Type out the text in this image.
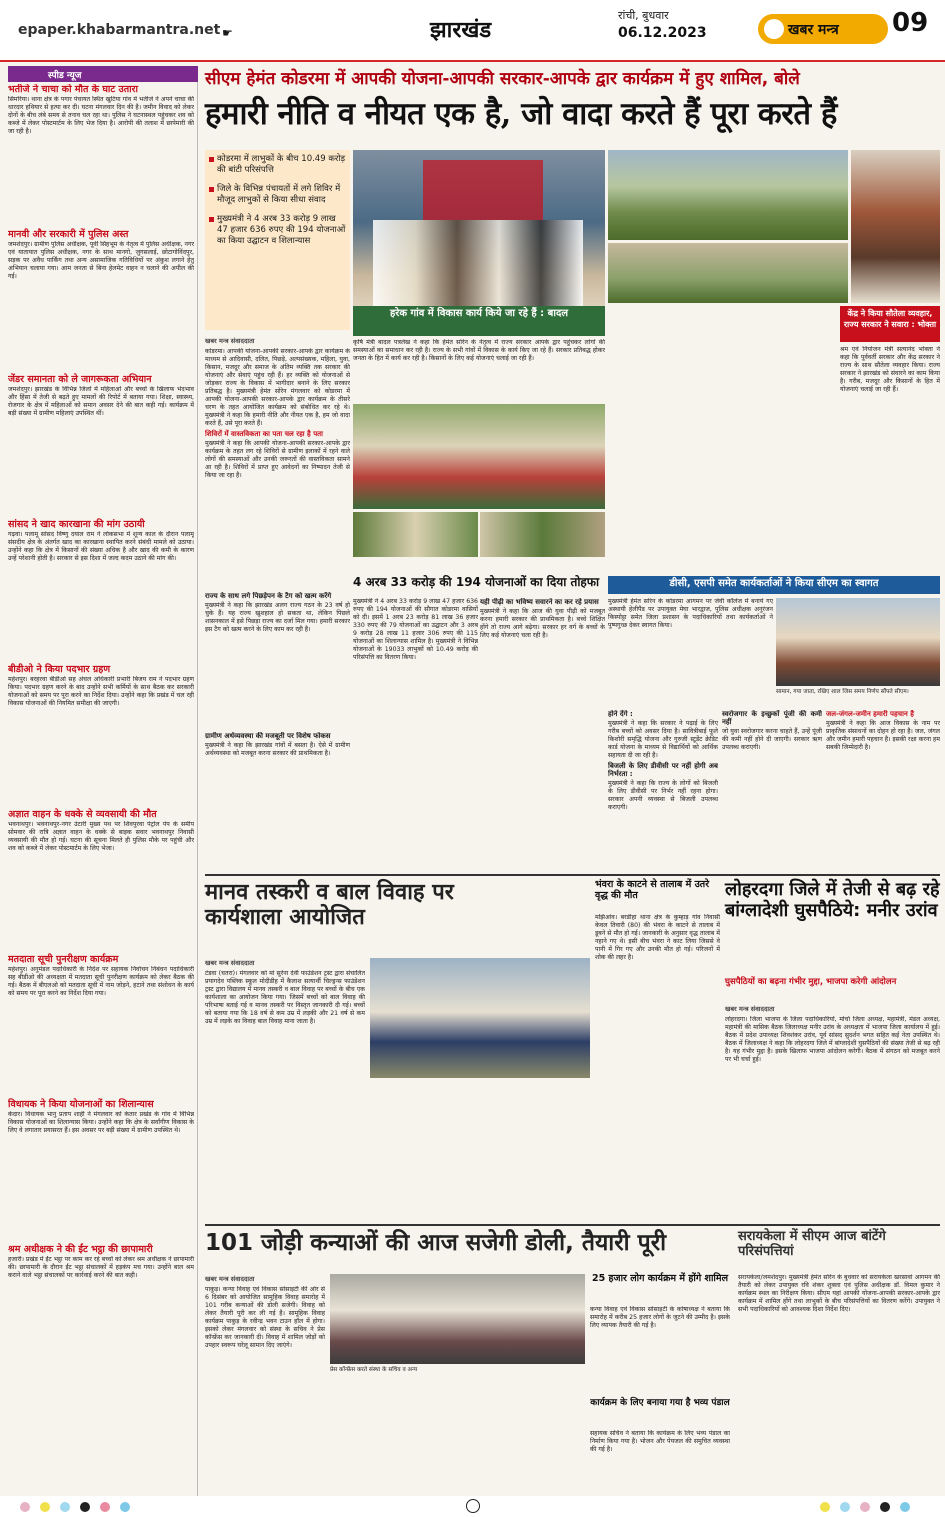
epaper.khabarmantra.net ☛	झारखंड
रांची, बुधवार
06.12.2023	खबर मन्त्र 09
स्पीड न्यूज
भतीजे ने चाचा को मौत के घाट उतारा
सिमरिया। थाना क्षेत्र के पगार पंचायत स्थित खुटिया गांव में भतीजे ने अपने चाचा की धारदार हथियार से हत्या कर दी। घटना मंगलवार दिन की है। जमीन विवाद को लेकर दोनों के बीच लंबे समय से तनाव चल रहा था। पुलिस ने घटनास्थल पहुंचकर शव को कब्जे में लेकर पोस्टमार्टम के लिए भेज दिया है। आरोपी की तलाश में छापेमारी की जा रही है।
मानवी और सरकारी में पुलिस अस्त
जमशेदपुर। ग्रामीण पुलिस अधीक्षक, पूर्वी सिंहभूम के नेतृत्व में पुलिस अधीक्षक, नगर एवं यातायात पुलिस अधीक्षक, नगर के साथ मानगो, जुगसलाई, छोटागोविंदपुर, सड़क पर अवैध पार्किंग तथा अन्य असामाजिक गतिविधियों पर अंकुश लगाने हेतु अभियान चलाया गया। आम जनता से बिना हेलमेट वाहन न चलाने की अपील की गई।
जेंडर समानता को ले जागरूकता अभियान
जमशेदपुर। झारखंड के विभिन्न जिलों में महिलाओं और बच्चों के खिलाफ भेदभाव और हिंसा में तेजी से बढ़ते हुए मामलों की रिपोर्ट में बताया गया। शिक्षा, स्वास्थ्य, रोजगार के क्षेत्र में महिलाओं को समान अवसर देने की बात कही गई। कार्यक्रम में बड़ी संख्या में ग्रामीण महिलाएं उपस्थित थीं।
सांसद ने खाद कारखाना की मांग उठायी
गढ़वा। पलामू सांसद विष्णु दयाल राम ने लोकसभा में शून्य काल के दौरान पलामू संसदीय क्षेत्र के अंतर्गत खाद का कारखाना स्थापित करने संबंधी मामले को उठाया। उन्होंने कहा कि क्षेत्र में किसानों की संख्या अधिक है और खाद की कमी के कारण उन्हें परेशानी होती है। सरकार से इस दिशा में जल्द कदम उठाने की मांग की।
बीडीओ ने किया पदभार ग्रहण
महेशपुर। बरहरवा बीडीओ सह अंचल अधिकारी प्रभारी बिजय राम ने पदभार ग्रहण किया। पदभार ग्रहण करने के बाद उन्होंने सभी कर्मियों के साथ बैठक कर सरकारी योजनाओं को समय पर पूरा करने का निर्देश दिया। उन्होंने कहा कि प्रखंड में चल रही विकास योजनाओं की नियमित समीक्षा की जाएगी।
अज्ञात वाहन के धक्के से व्यवसायी की मौत
भवनाथपुर। भवनाथपुर-नगर उंटारी मुख्य पथ पर शिवपुरवा पेट्रोल पंप के समीप सोमवार की रात्रि अज्ञात वाहन के धक्के से बाइक सवार भवनाथपुर निवासी व्यवसायी की मौत हो गई। घटना की सूचना मिलते ही पुलिस मौके पर पहुंची और शव को कब्जे में लेकर पोस्टमार्टम के लिए भेजा।
मतदाता सूची पुनरीक्षण कार्यक्रम
महेशपुर। अनुमंडल पदाधिकारी के निर्देश पर सहायक निर्वाचन निबंधन पदाधिकारी सह बीडीओ की अध्यक्षता में मतदाता सूची पुनरीक्षण कार्यक्रम को लेकर बैठक की गई। बैठक में बीएलओ को मतदाता सूची में नाम जोड़ने, हटाने तथा संशोधन के कार्य को समय पर पूरा करने का निर्देश दिया गया।
विधायक ने किया योजनाओं का शिलान्यास
केदार। विधायक भानु प्रताप शाही ने मंगलवार को केतार प्रखंड के गांव में विभिन्न विकास योजनाओं का शिलान्यास किया। उन्होंने कहा कि क्षेत्र के सर्वांगीण विकास के लिए वे लगातार प्रयासरत हैं। इस अवसर पर बड़ी संख्या में ग्रामीण उपस्थित थे।
श्रम अधीक्षक ने की ईंट भट्ठा की छापामारी
हजारी। प्रखंड में ईंट भट्ठा पर काम कर रहे बच्चों को लेकर श्रम अधीक्षक ने छापामारी की। छापामारी के दौरान ईंट भट्ठा संचालकों में हड़कंप मच गया। उन्होंने बाल श्रम कराने वाले भट्ठा संचालकों पर कार्रवाई करने की बात कही।
सीएम हेमंत कोडरमा में आपकी योजना-आपकी सरकार-आपके द्वार कार्यक्रम में हुए शामिल, बोले
हमारी नीति व नीयत एक है, जो वादा करते हैं पूरा करते हैं
कोडरमा में लाभुकों के बीच 10.49 करोड़ की बांटी परिसंपत्ति
जिले के विभिन्न पंचायतों में लगे शिविर में मौजूद लाभुकों से किया सीधा संवाद
मुख्यमंत्री ने 4 अरब 33 करोड़ 9 लाख 47 हजार 636 रुपए की 194 योजनाओं का किया उद्घाटन व शिलान्यास
खबर मन्त्र संवाददाता

कोडरमा। आपकी योजना-आपकी सरकार-आपके द्वार कार्यक्रम के माध्यम से आदिवासी, दलित, पिछड़े, अल्पसंख्यक, महिला, युवा, किसान, मजदूर और समाज के अंतिम व्यक्ति तक सरकार की योजनाएं और सेवाएं पहुंच रही हैं। हर व्यक्ति को योजनाओं से जोड़कर राज्य के विकास में भागीदार बनाने के लिए सरकार प्रतिबद्ध है। मुख्यमंत्री हेमंत सोरेन मंगलवार को कोडरमा में आपकी योजना-आपकी सरकार-आपके द्वार कार्यक्रम के तीसरे चरण के तहत आयोजित कार्यक्रम को संबोधित कर रहे थे। मुख्यमंत्री ने कहा कि हमारी नीति और नीयत एक है, हम जो वादा करते हैं, उसे पूरा करते हैं।

शिविरों में वास्तविकता का पता चल रहा है पता

मुख्यमंत्री ने कहा कि आपकी योजना-आपकी सरकार-आपके द्वार कार्यक्रम के तहत लग रहे शिविरों से ग्रामीण इलाकों में रहने वाले लोगों की समस्याओं और उनकी जरूरतों की वास्तविकता सामने आ रही है। शिविरों में प्राप्त हुए आवेदनों का निष्पादन तेजी से किया जा रहा है।

राज्य के साथ लगे पिछड़ेपन के टैग को खत्म करेंगे

मुख्यमंत्री ने कहा कि झारखंड अलग राज्य गठन के 23 वर्ष हो चुके हैं। यह राज्य खुशहाल हो सकता था, लेकिन पिछले शासनकाल में इसे पिछड़ा राज्य का दर्जा मिल गया। हमारी सरकार इस टैग को खत्म करने के लिए काम कर रही है।

हरेक गांव में विकास कार्य किये जा रहे हैं : बादल
कृषि मंत्री बादल पत्रलेख ने कहा कि हेमंत सोरेन के नेतृत्व में राज्य सरकार आपके द्वार पहुंचकर लोगों की समस्याओं का समाधान कर रही है। राज्य के सभी गांवों में विकास के कार्य किए जा रहे हैं। सरकार प्रतिबद्ध होकर जनता के हित में कार्य कर रही है। किसानों के लिए कई योजनाएं चलाई जा रही हैं।
केंद्र ने किया सौतेला व्यवहार, राज्य सरकार ने सवारा : भोक्ता
श्रम एवं नियोजन मंत्री सत्यानंद भोक्ता ने कहा कि पूर्ववर्ती सरकार और केंद्र सरकार ने राज्य के साथ सौतेला व्यवहार किया। राज्य सरकार ने झारखंड को संवारने का काम किया है। गरीब, मजदूर और किसानों के हित में योजनाएं चलाई जा रही हैं।
4 अरब 33 करोड़ की 194 योजनाओं का दिया तोहफा

मुख्यमंत्री ने 4 अरब 33 करोड़ 9 लाख 47 हजार 636 रुपए की 194 योजनाओं की सौगात कोडरमा वासियों को दी। इसमें 1 अरब 23 करोड़ 81 लाख 36 हजार 330 रुपए की 79 योजनाओं का उद्घाटन और 3 अरब 9 करोड़ 28 लाख 11 हजार 306 रुपए की 115 योजनाओं का शिलान्यास शामिल है। मुख्यमंत्री ने विभिन्न योजनाओं के 19033 लाभुकों को 10.49 करोड़ की परिसंपत्ति का वितरण किया।

यही पीढ़ी का भविष्य सवारने का कर रहे प्रयास

मुख्यमंत्री ने कहा कि आज की युवा पीढ़ी को मजबूत करना हमारी सरकार की प्राथमिकता है। बच्चे शिक्षित होंगे तो राज्य आगे बढ़ेगा। सरकार हर वर्ग के बच्चों के लिए कई योजनाएं चला रही है।

डीसी, एसपी समेत कार्यकर्ताओं ने किया सीएम का स्वागत
मुख्यमंत्री हेमंत सोरेन के कोडरमा आगमन पर जेवी कॉलेज में बनाये गए अस्थायी हेलीपैड पर उपायुक्त मेघा भारद्वाज, पुलिस अधीक्षक अनुरंजन किस्पोट्टा समेत जिला प्रशासन के पदाधिकारियों तथा कार्यकर्ताओं ने पुष्पगुच्छ देकर स्वागत किया।
सामान, गया जाता, रखिए शाल जिस समय निर्णय सौंपते सीएम।

होने देंगे :

मुख्यमंत्री ने कहा कि सरकार ने पढ़ाई के लिए गरीब बच्चों को अवसर दिया है। सावित्रीबाई फूले किशोरी समृद्धि योजना और गुरुजी स्टूडेंट क्रेडिट कार्ड योजना के माध्यम से विद्यार्थियों को आर्थिक सहायता दी जा रही है।

बिजली के लिए डीवीसी पर नहीं होगी अब निर्भरता :

मुख्यमंत्री ने कहा कि राज्य के लोगों को बिजली के लिए डीवीसी पर निर्भर नहीं रहना होगा। सरकार अपनी व्यवस्था से बिजली उपलब्ध कराएगी।

स्वरोजगार के इच्छुकों पूंजी की कमी नहीं

जो युवा स्वरोजगार करना चाहते हैं, उन्हें पूंजी की कमी नहीं होने दी जाएगी। सरकार ऋण उपलब्ध कराएगी।

जल-जंगल-जमीन हमारी पहचान है

मुख्यमंत्री ने कहा कि आज विकास के नाम पर प्राकृतिक संसाधनों का दोहन हो रहा है। जल, जंगल और जमीन हमारी पहचान है। इसकी रक्षा करना हम सबकी जिम्मेदारी है।

ग्रामीण अर्थव्यवस्था की मजबूती पर विशेष फोकस

मुख्यमंत्री ने कहा कि झारखंड गांवों में बसता है। ऐसे में ग्रामीण अर्थव्यवस्था को मजबूत करना सरकार की प्राथमिकता है।

मानव तस्करी व बाल विवाह पर कार्यशाला आयोजित
खबर मन्त्र संवाददाता
टंडवा (चतरा)। मंगलवार को मां सुरेना देवी फाउंडेशन ट्रस्ट द्वारा संचालित प्रयागदेव पब्लिक स्कूल मोदीडीह में कैलाश सत्यार्थी चिल्ड्रन्स फाउंडेशन ट्रस्ट द्वारा विद्यालय में मानव तस्करी व बाल विवाह पर बच्चों के बीच एक कार्यशाला का आयोजन किया गया। जिसमें बच्चों को बाल विवाह की परिभाषा बताई गई व मानव तस्करी पर विस्तृत जानकारी दी गई। बच्चों को बताया गया कि 18 वर्ष से कम उम्र में लड़की और 21 वर्ष से कम उम्र में लड़के का विवाह बाल विवाह माना जाता है।
भंवरा के काटने से तालाब में उतरे वृद्ध की मौत
मझिआंव। बरडीहा थाना क्षेत्र के कुम्हाड़ गांव निवासी केवल तिवारी (80) की भंवरा के काटने से तालाब में डूबने से मौत हो गई। जानकारी के अनुसार वृद्ध तालाब में नहाने गए थे। इसी बीच भंवरा ने काट लिया जिससे वे पानी में गिर गए और उनकी मौत हो गई। परिजनों में शोक की लहर है।
लोहरदगा जिले में तेजी से बढ़ रहे बांग्लादेशी घुसपैठिये: मनीर उरांव
घुसपैठियों का बढ़ना गंभीर मुद्दा, भाजपा करेगी आंदोलन
खबर मन्त्र संवाददाता
लोहरदगा। जिला भाजपा के जिला पदाधिकारियों, मोर्चा जिला अध्यक्ष, महामंत्री, मंडल अध्यक्ष, महामंत्री की मासिक बैठक जिलाध्यक्ष मनीर उरांव के अध्यक्षता में भाजपा जिला कार्यालय में हुई। बैठक में प्रदेश उपाध्यक्ष शिवशंकर उरांव, पूर्व सांसद सुदर्शन भगत सहित कई नेता उपस्थित थे। बैठक में जिलाध्यक्ष ने कहा कि लोहरदगा जिले में बांग्लादेशी घुसपैठियों की संख्या तेजी से बढ़ रही है। यह गंभीर मुद्दा है। इसके खिलाफ भाजपा आंदोलन करेगी। बैठक में संगठन को मजबूत करने पर भी चर्चा हुई।
101 जोड़ी कन्याओं की आज सजेगी डोली, तैयारी पूरी
खबर मन्त्र संवाददाता
पाकुड़। कन्या विवाह एवं विकास सोसाइटी की ओर से 6 दिसंबर को आयोजित सामूहिक विवाह समारोह में 101 गरीब कन्याओं की डोली सजेगी। विवाह को लेकर तैयारी पूरी कर ली गई है। सामूहिक विवाह कार्यक्रम पाकुड़ के रवीन्द्र भवन टाउन हॉल में होगा। इसको लेकर मंगलवार को संस्था के सचिव ने प्रेस कॉन्फ्रेंस कर जानकारी दी। विवाह में शामिल जोड़ों को उपहार स्वरूप घरेलू सामान दिए जाएंगे।
प्रेस कॉन्फ्रेंस करते संस्था के सचिव व अन्य
25 हजार लोग कार्यक्रम में होंगे शामिल
कन्या विवाह एवं विकास सोसाइटी के कोषाध्यक्ष ने बताया कि समारोह में करीब 25 हजार लोगों के जुटने की उम्मीद है। इसके लिए व्यापक तैयारी की गई है।
कार्यक्रम के लिए बनाया गया है भव्य पंडाल
सहायक सचिव ने बताया कि कार्यक्रम के लिए भव्य पंडाल का निर्माण किया गया है। भोजन और पेयजल की समुचित व्यवस्था की गई है।
सरायकेला में सीएम आज बांटेंगे परिसंपत्तियां
सरायकेला/जमशेदपुर। मुख्यमंत्री हेमंत सोरेन के बुधवार को सरायकेला खरसावां आगमन की तैयारी को लेकर उपायुक्त रवि शंकर शुक्ला एवं पुलिस अधीक्षक डॉ. विमल कुमार ने कार्यक्रम स्थल का निरीक्षण किया। सीएम यहां आपकी योजना-आपकी सरकार-आपके द्वार कार्यक्रम में शामिल होंगे तथा लाभुकों के बीच परिसंपत्तियों का वितरण करेंगे। उपायुक्त ने सभी पदाधिकारियों को आवश्यक दिशा निर्देश दिए।
